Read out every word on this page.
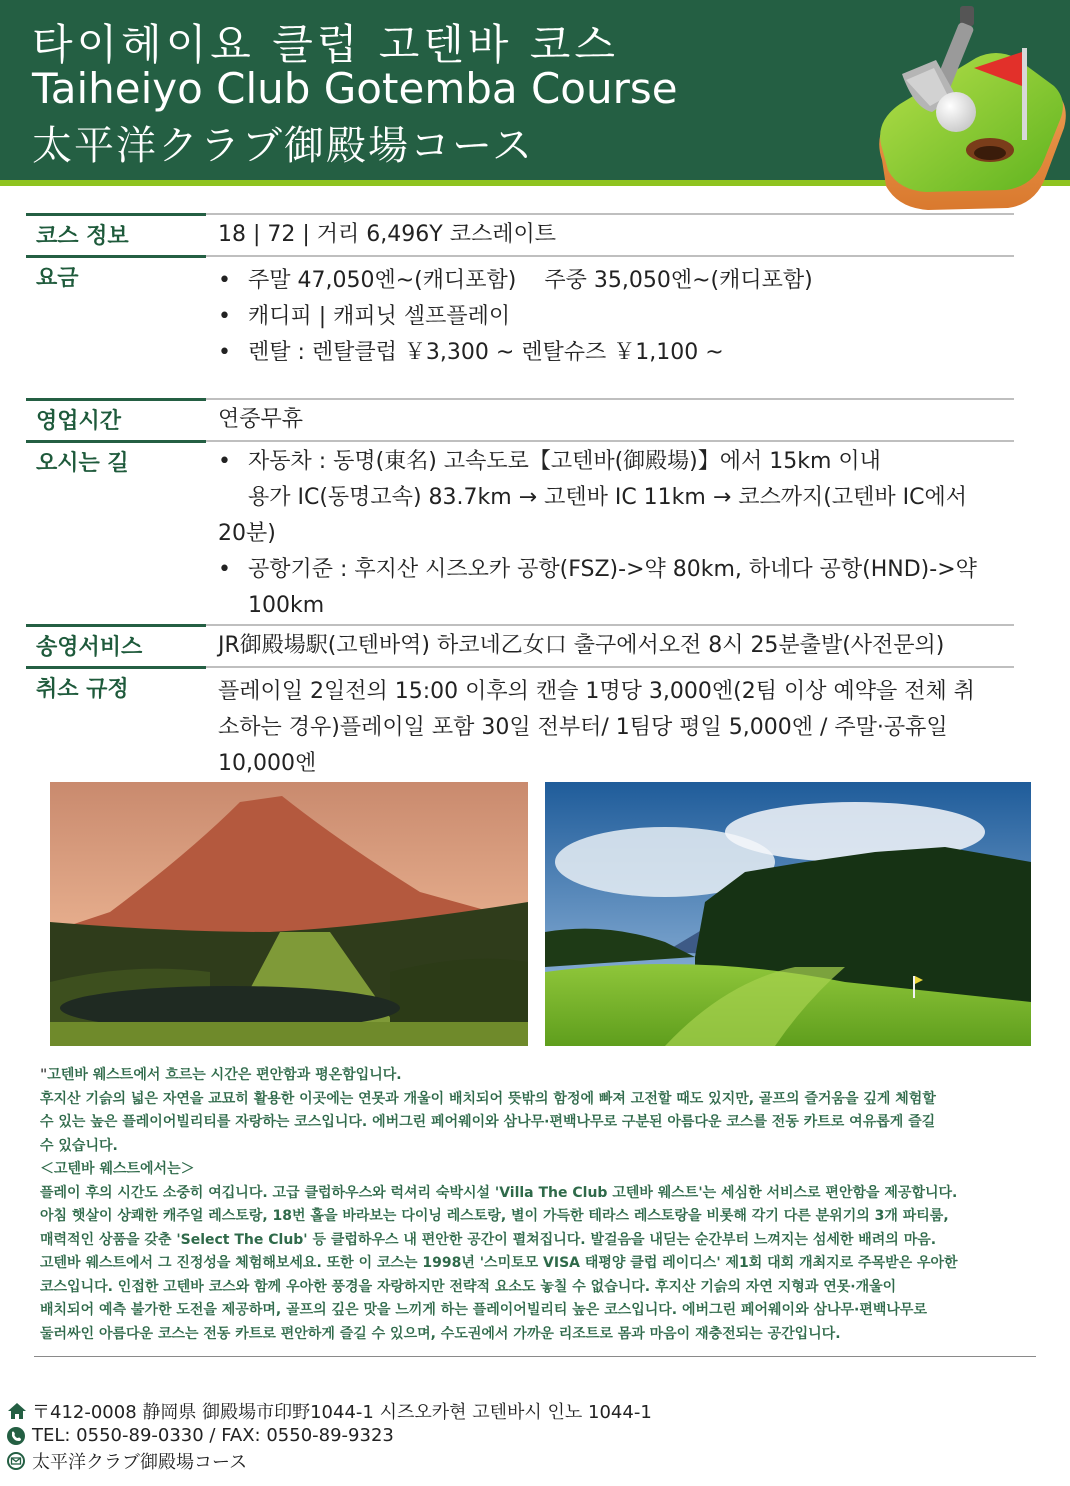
타이헤이요 클럽 고텐바 코스
Taiheiyo Club Gotemba Course
太平洋クラブ御殿場コース
코스 정보	18 | 72 | 거리 6,496Y 코스레이트
요금	• 주말 47,050엔~(캐디포함) 주중 35,050엔~(캐디포함)
• 캐디피 | 캐피닛 셀프플레이
• 렌탈 : 렌탈클럽 ￥3,300 ~ 렌탈슈즈 ￥1,100 ~
영업시간	연중무휴
오시는 길	• 자동차 : 동명(東名) 고속도로【고텐바(御殿場)】에서 15km 이내
용가 IC(동명고속) 83.7km → 고텐바 IC 11km → 코스까지(고텐바 IC에서
20분)
• 공항기준 : 후지산 시즈오카 공항(FSZ)->약 80km, 하네다 공항(HND)->약
100km
송영서비스	JR御殿場駅(고텐바역) 하코네乙女口 출구에서오전 8시 25분출발(사전문의)
취소 규정	플레이일 2일전의 15:00 이후의 캔슬 1명당 3,000엔(2팀 이상 예약을 전체 취
소하는 경우)플레이일 포함 30일 전부터/ 1팀당 평일 5,000엔 / 주말·공휴일
10,000엔
"고텐바 웨스트에서 흐르는 시간은 편안함과 평온함입니다.
후지산 기슭의 넓은 자연을 교묘히 활용한 이곳에는 연못과 개울이 배치되어 뜻밖의 함정에 빠져 고전할 때도 있지만, 골프의 즐거움을 깊게 체험할
수 있는 높은 플레이어빌리티를 자랑하는 코스입니다. 에버그린 페어웨이와 삼나무·편백나무로 구분된 아름다운 코스를 전동 카트로 여유롭게 즐길
수 있습니다.
＜고텐바 웨스트에서는＞
플레이 후의 시간도 소중히 여깁니다. 고급 클럽하우스와 럭셔리 숙박시설 'Villa The Club 고텐바 웨스트'는 세심한 서비스로 편안함을 제공합니다.
아침 햇살이 상쾌한 캐주얼 레스토랑, 18번 홀을 바라보는 다이닝 레스토랑, 별이 가득한 테라스 레스토랑을 비롯해 각기 다른 분위기의 3개 파티룸,
매력적인 상품을 갖춘 'Select The Club' 등 클럽하우스 내 편안한 공간이 펼쳐집니다. 발걸음을 내딛는 순간부터 느껴지는 섬세한 배려의 마음.
고텐바 웨스트에서 그 진정성을 체험해보세요. 또한 이 코스는 1998년 '스미토모 VISA 태평양 클럽 레이디스' 제1회 대회 개최지로 주목받은 우아한
코스입니다. 인접한 고텐바 코스와 함께 우아한 풍경을 자랑하지만 전략적 요소도 놓칠 수 없습니다. 후지산 기슭의 자연 지형과 연못·개울이
배치되어 예측 불가한 도전을 제공하며, 골프의 깊은 맛을 느끼게 하는 플레이어빌리티 높은 코스입니다. 에버그린 페어웨이와 삼나무·편백나무로
둘러싸인 아름다운 코스는 전동 카트로 편안하게 즐길 수 있으며, 수도권에서 가까운 리조트로 몸과 마음이 재충전되는 공간입니다.
〒412-0008 静岡県 御殿場市印野1044-1 시즈오카현 고텐바시 인노 1044-1
TEL: 0550-89-0330 / FAX: 0550-89-9323
太平洋クラブ御殿場コース
